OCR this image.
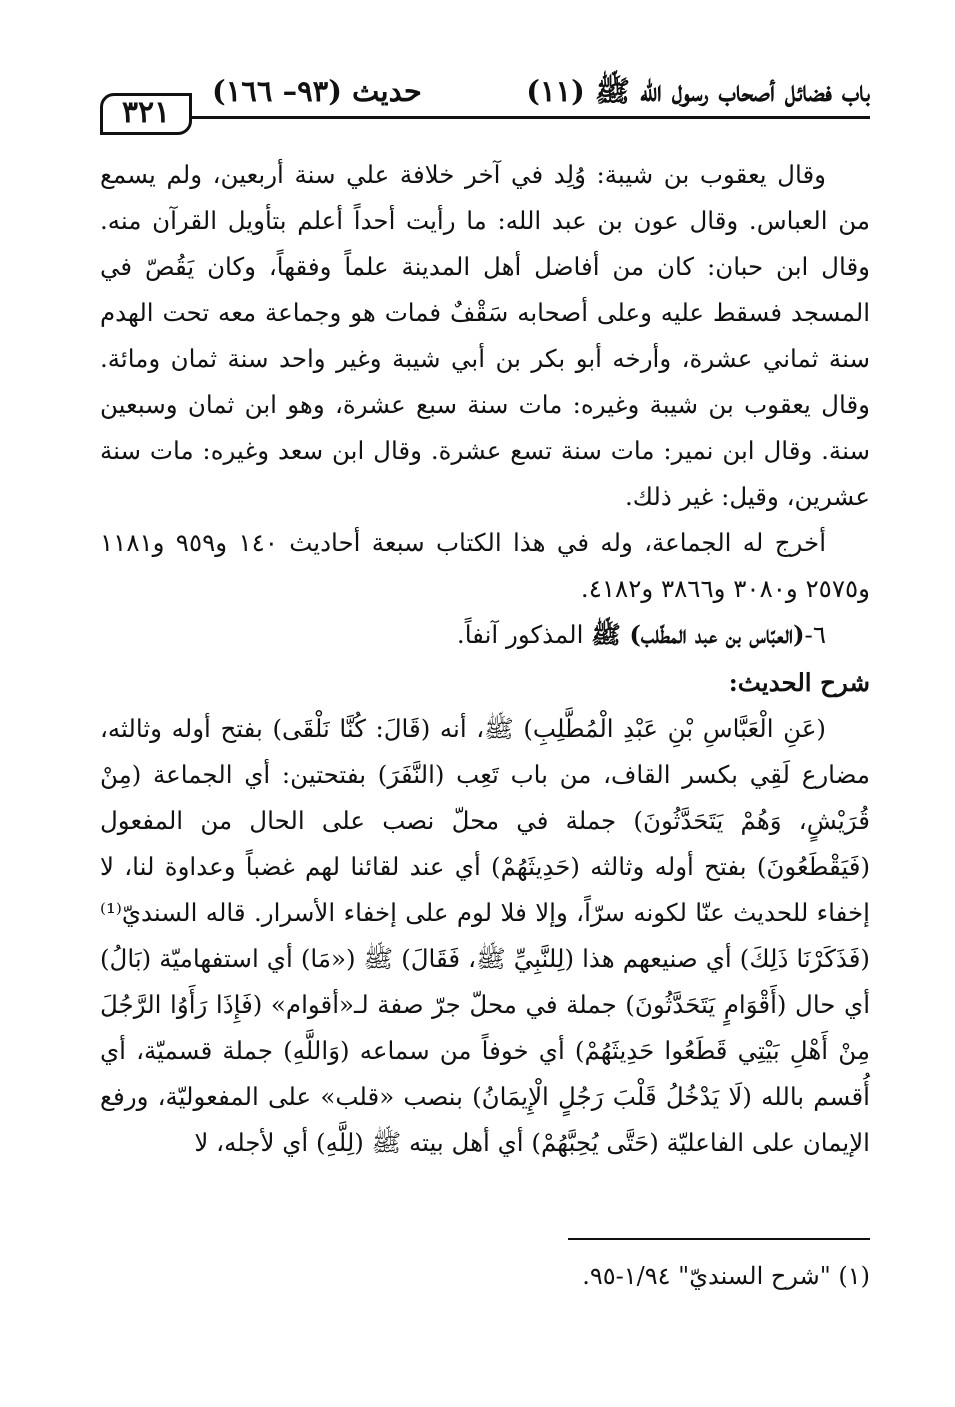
(١١) باب فضائل أصحاب رسول الله ﷺ
حديث (٩٣– ١٦٦)
٣٢١

وقال يعقوب بن شيبة: وُلِد في آخر خلافة علي سنة أربعين، ولم يسمع من العباس. وقال عون بن عبد الله: ما رأيت أحداً أعلم بتأويل القرآن منه. وقال ابن حبان: كان من أفاضل أهل المدينة علماً وفقهاً، وكان يَقُصّ في المسجد فسقط عليه وعلى أصحابه سَقْفٌ فمات هو وجماعة معه تحت الهدم سنة ثماني عشرة، وأرخه أبو بكر بن أبي شيبة وغير واحد سنة ثمان ومائة. وقال يعقوب بن شيبة وغيره: مات سنة سبع عشرة، وهو ابن ثمان وسبعين سنة. وقال ابن نمير: مات سنة تسع عشرة. وقال ابن سعد وغيره: مات سنة عشرين، وقيل: غير ذلك.

أخرج له الجماعة، وله في هذا الكتاب سبعة أحاديث ١٤٠ و٩٥٩ و١١٨١ و٢٥٧٥ و٣٠٨٠ و٣٨٦٦ و٤١٨٢.

٦-(العبّاس بن عبد المطّلب) ﷺ المذكور آنفاً.

شرح الحديث:

(عَنِ الْعَبَّاسِ بْنِ عَبْدِ الْمُطَّلِبِ) ﷺ، أنه (قَالَ: كُنَّا نَلْقَى) بفتح أوله وثالثه، مضارع لَقِي بكسر القاف، من باب تَعِب (النَّفَرَ) بفتحتين: أي الجماعة (مِنْ قُرَيْشٍ، وَهُمْ يَتَحَدَّثُونَ) جملة في محلّ نصب على الحال من المفعول (فَيَقْطَعُونَ) بفتح أوله وثالثه (حَدِيثَهُمْ) أي عند لقائنا لهم غضباً وعداوة لنا، لا إخفاء للحديث عنّا لكونه سرّاً، وإلا فلا لوم على إخفاء الأسرار. قاله السنديّ⁽¹⁾ (فَذَكَرْنَا ذَلِكَ) أي صنيعهم هذا (لِلنَّبِيِّ ﷺ، فَقَالَ) ﷺ («مَا) أي استفهاميّة (بَالُ) أي حال (أَقْوَامٍ يَتَحَدَّثُونَ) جملة في محلّ جرّ صفة لـ«أقوام» (فَإِذَا رَأَوُا الرَّجُلَ مِنْ أَهْلِ بَيْتِي قَطَعُوا حَدِيثَهُمْ) أي خوفاً من سماعه (وَاللَّهِ) جملة قسميّة، أي أُقسم بالله (لَا يَدْخُلُ قَلْبَ رَجُلٍ الْإِيمَانُ) بنصب «قلب» على المفعوليّة، ورفع الإيمان على الفاعليّة (حَتَّى يُحِبَّهُمْ) أي أهل بيته ﷺ (لِلَّهِ) أي لأجله، لا

(١) "شرح السنديّ" ١/٩٤-٩٥.
